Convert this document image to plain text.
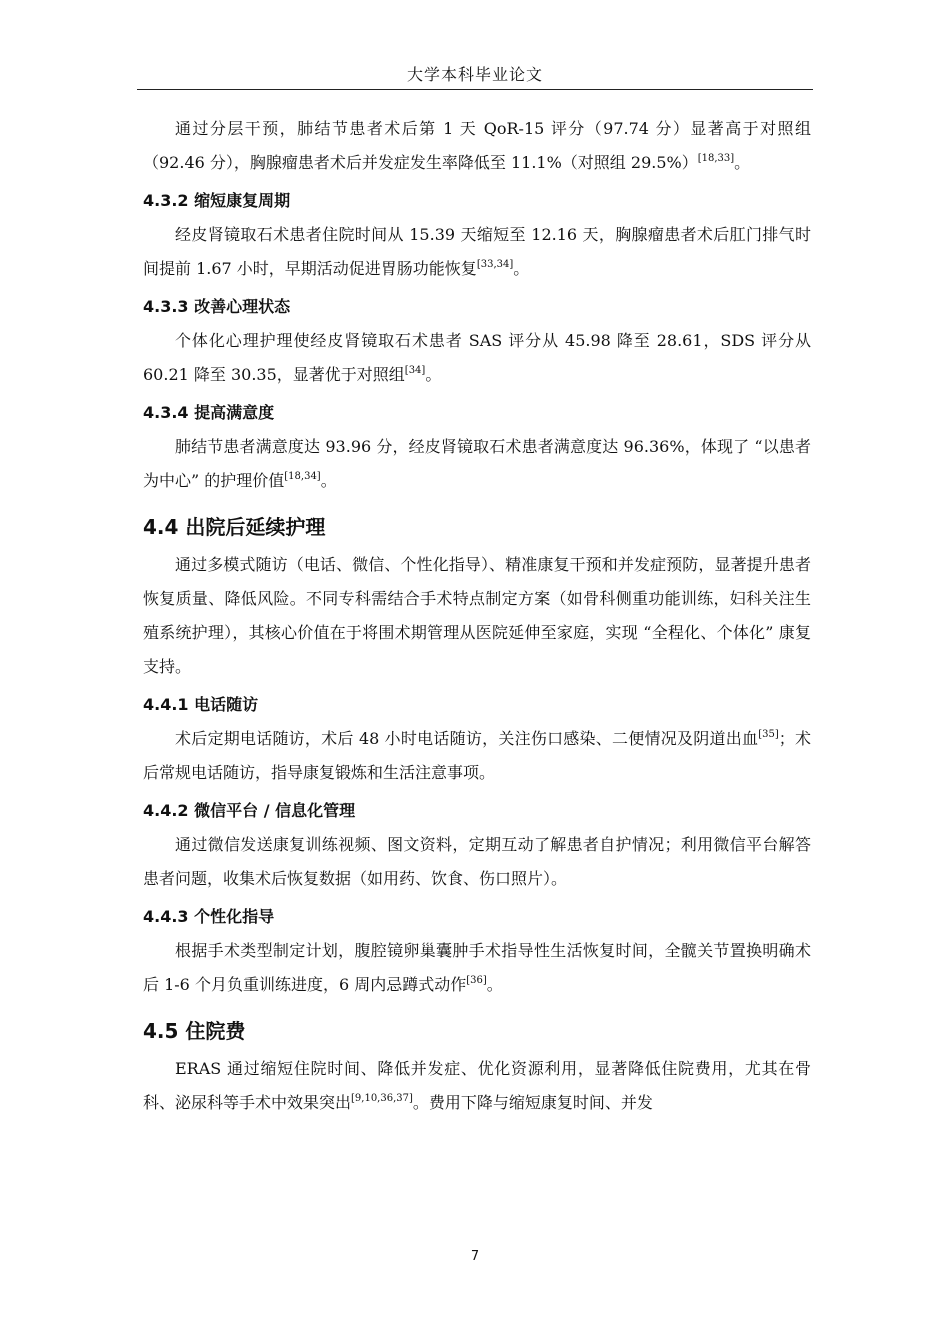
大学本科毕业论文

通过分层干预，肺结节患者术后第 1 天 QoR-15 评分（97.74 分）显著高于对照组（92.46 分），胸腺瘤患者术后并发症发生率降低至 11.1%（对照组 29.5%）[18,33]。

4.3.2 缩短康复周期

经皮肾镜取石术患者住院时间从 15.39 天缩短至 12.16 天，胸腺瘤患者术后肛门排气时间提前 1.67 小时，早期活动促进胃肠功能恢复[33,34]。

4.3.3 改善心理状态

个体化心理护理使经皮肾镜取石术患者 SAS 评分从 45.98 降至 28.61，SDS 评分从 60.21 降至 30.35，显著优于对照组[34]。

4.3.4 提高满意度

肺结节患者满意度达 93.96 分，经皮肾镜取石术患者满意度达 96.36%，体现了 “以患者为中心” 的护理价值[18,34]。

4.4 出院后延续护理

通过多模式随访（电话、微信、个性化指导）、精准康复干预和并发症预防，显著提升患者恢复质量、降低风险。不同专科需结合手术特点制定方案（如骨科侧重功能训练，妇科关注生殖系统护理），其核心价值在于将围术期管理从医院延伸至家庭，实现 “全程化、个体化” 康复支持。

4.4.1 电话随访

术后定期电话随访，术后 48 小时电话随访，关注伤口感染、二便情况及阴道出血[35]；术后常规电话随访，指导康复锻炼和生活注意事项。

4.4.2 微信平台 / 信息化管理

通过微信发送康复训练视频、图文资料，定期互动了解患者自护情况；利用微信平台解答患者问题，收集术后恢复数据（如用药、饮食、伤口照片）。

4.4.3 个性化指导

根据手术类型制定计划，腹腔镜卵巢囊肿手术指导性生活恢复时间，全髋关节置换明确术后 1-6 个月负重训练进度，6 周内忌蹲式动作[36]。

4.5 住院费

ERAS 通过缩短住院时间、降低并发症、优化资源利用，显著降低住院费用，尤其在骨科、泌尿科等手术中效果突出[9,10,36,37]。费用下降与缩短康复时间、并发

7
